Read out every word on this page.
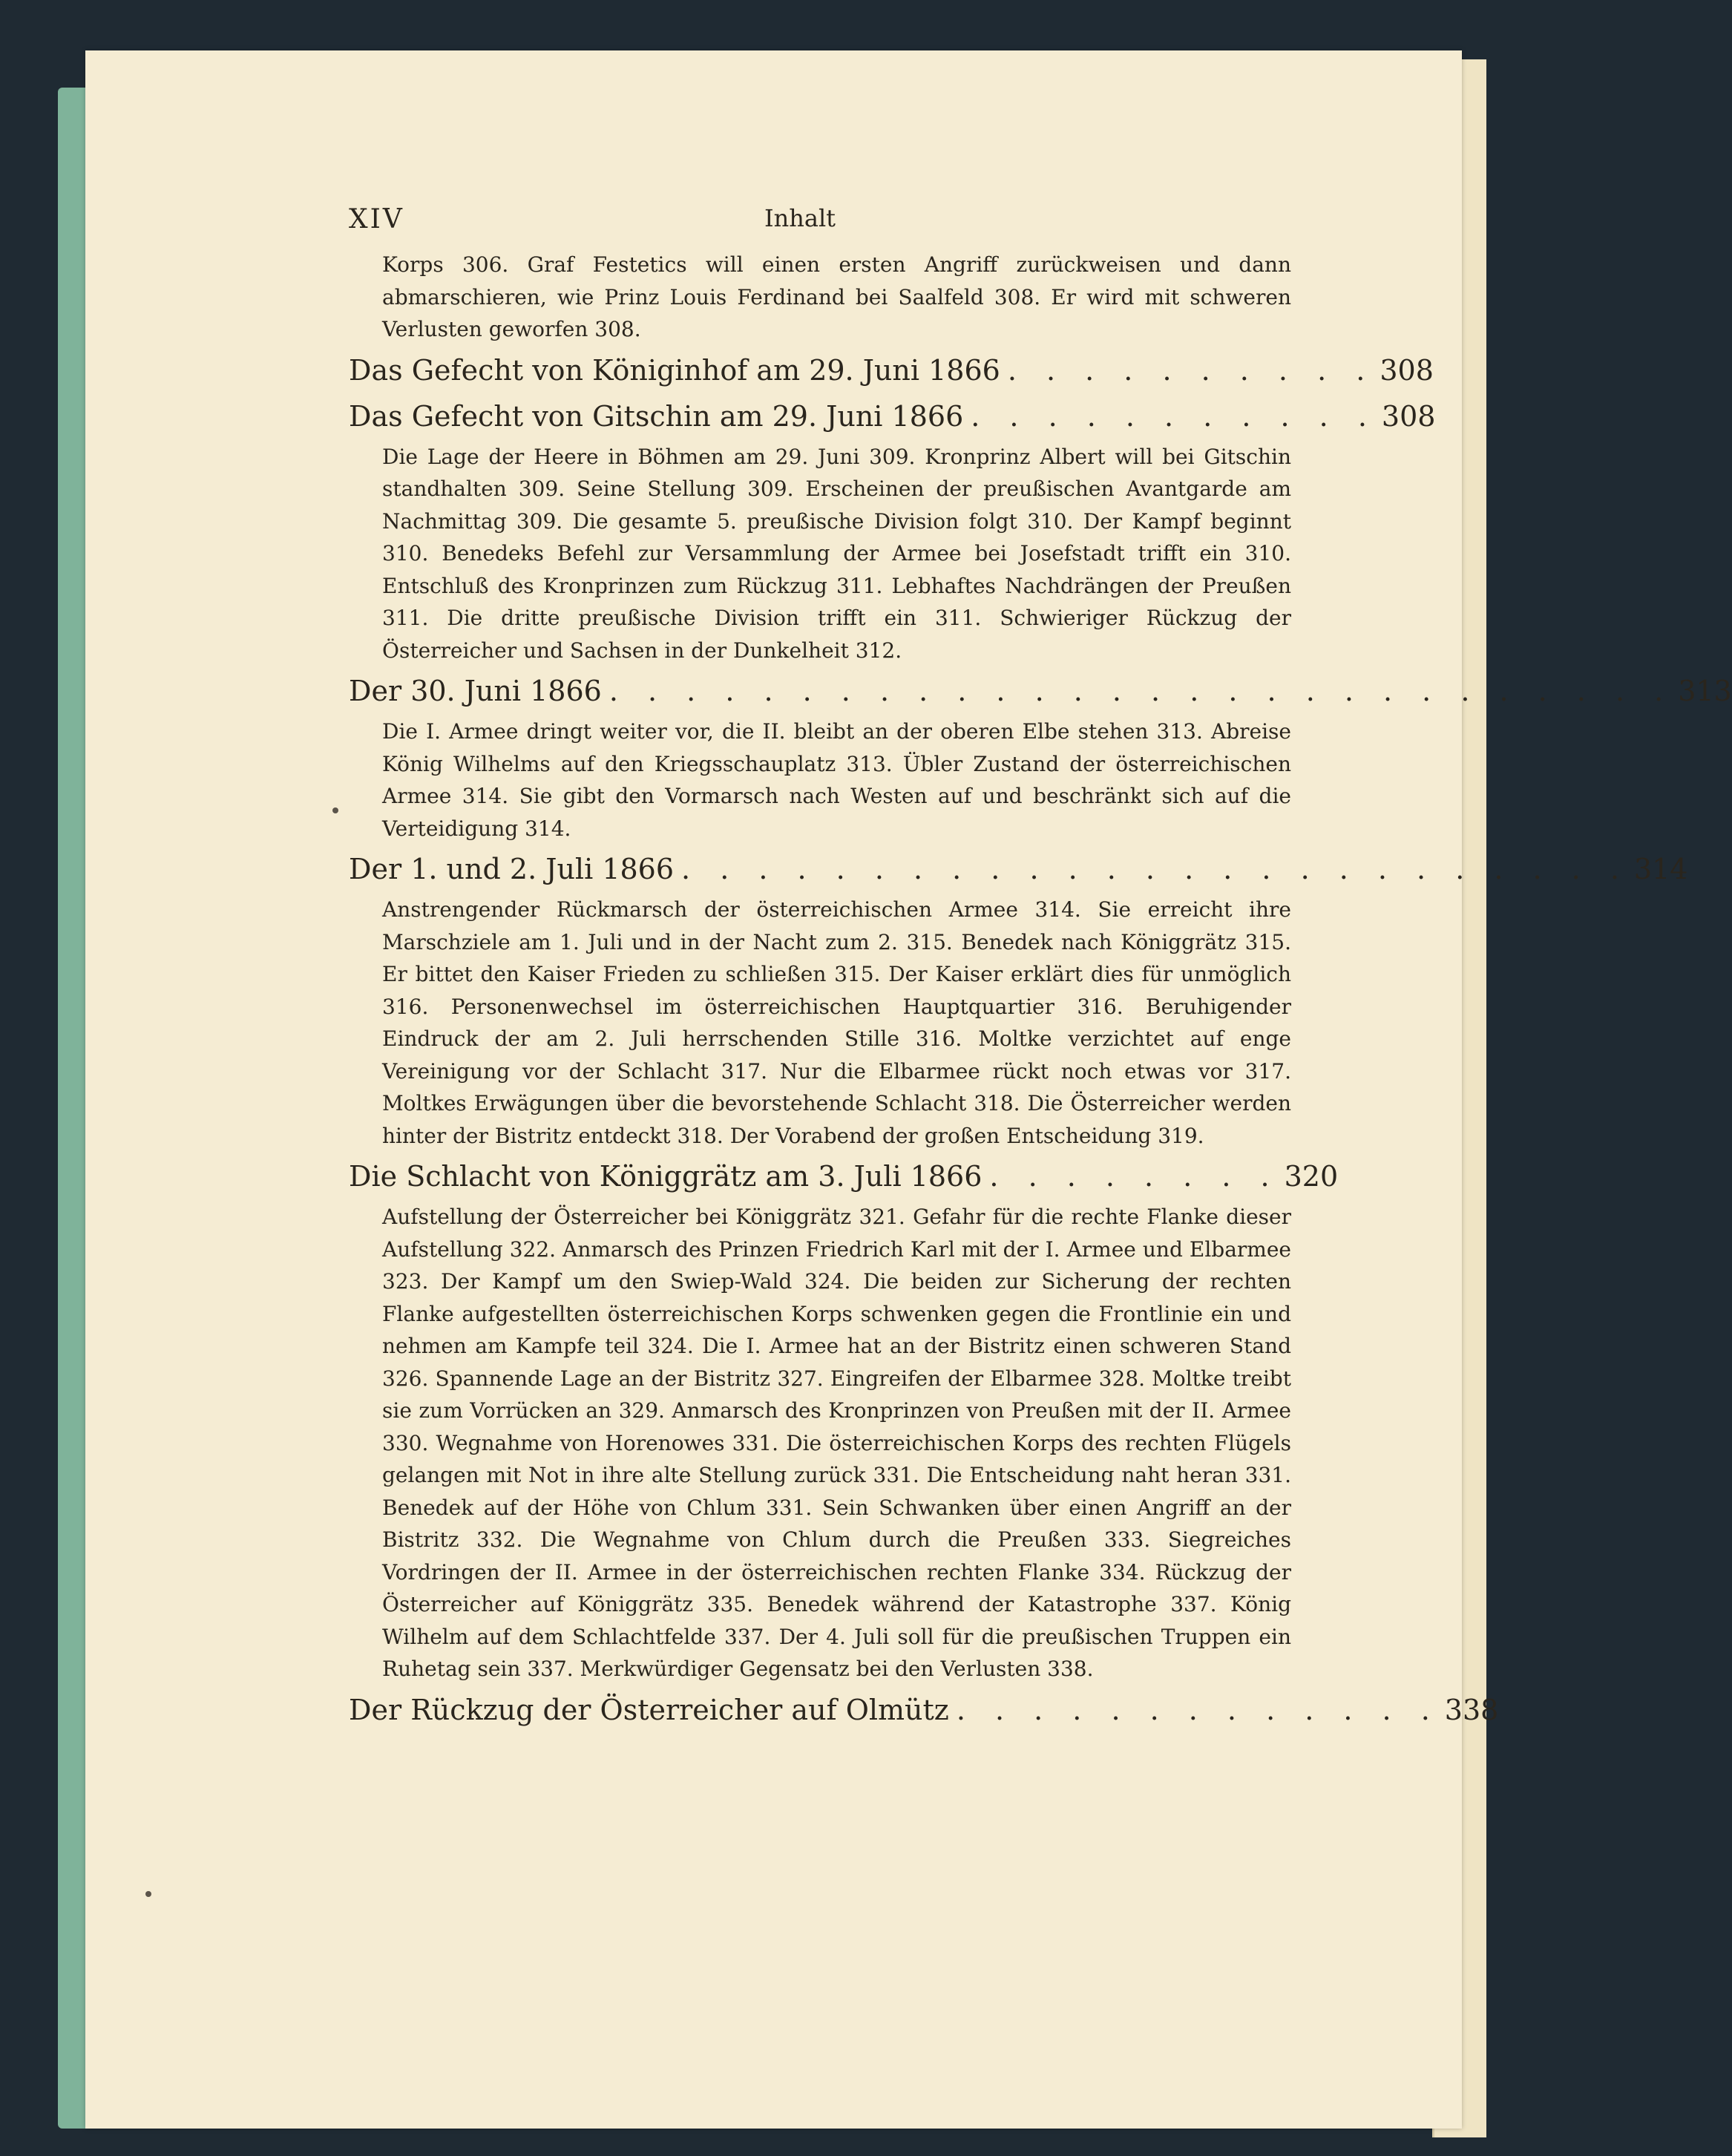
XIV	Inhalt

Korps 306. Graf Festetics will einen ersten Angriff zurückweisen und dann abmarschieren, wie Prinz Louis Ferdinand bei Saalfeld 308. Er wird mit schweren Verlusten geworfen 308.

Das Gefecht von Königinhof am 29. Juni 1866 . . . . . . . . . . 308
Das Gefecht von Gitschin am 29. Juni 1866 . . . . . . . . . . . 308

Die Lage der Heere in Böhmen am 29. Juni 309. Kronprinz Albert will bei Gitschin standhalten 309. Seine Stellung 309. Erscheinen der preußischen Avantgarde am Nachmittag 309. Die gesamte 5. preußische Division folgt 310. Der Kampf beginnt 310. Benedeks Befehl zur Versammlung der Armee bei Josefstadt trifft ein 310. Entschluß des Kronprinzen zum Rückzug 311. Lebhaftes Nachdrängen der Preußen 311. Die dritte preußische Division trifft ein 311. Schwieriger Rückzug der Österreicher und Sachsen in der Dunkelheit 312.

Der 30. Juni 1866 . . . . . . . . . . . . . . . . . . . . . . . . . . . . 313

Die I. Armee dringt weiter vor, die II. bleibt an der oberen Elbe stehen 313. Abreise König Wilhelms auf den Kriegsschauplatz 313. Übler Zustand der österreichischen Armee 314. Sie gibt den Vormarsch nach Westen auf und beschränkt sich auf die Verteidigung 314.

Der 1. und 2. Juli 1866 . . . . . . . . . . . . . . . . . . . . . . . . . 314

Anstrengender Rückmarsch der österreichischen Armee 314. Sie erreicht ihre Marschziele am 1. Juli und in der Nacht zum 2. 315. Benedek nach Königgrätz 315. Er bittet den Kaiser Frieden zu schließen 315. Der Kaiser erklärt dies für unmöglich 316. Personenwechsel im österreichischen Hauptquartier 316. Beruhigender Eindruck der am 2. Juli herrschenden Stille 316. Moltke verzichtet auf enge Vereinigung vor der Schlacht 317. Nur die Elbarmee rückt noch etwas vor 317. Moltkes Erwägungen über die bevorstehende Schlacht 318. Die Österreicher werden hinter der Bistritz entdeckt 318. Der Vorabend der großen Entscheidung 319.

Die Schlacht von Königgrätz am 3. Juli 1866 . . . . . . . . 320

Aufstellung der Österreicher bei Königgrätz 321. Gefahr für die rechte Flanke dieser Aufstellung 322. Anmarsch des Prinzen Friedrich Karl mit der I. Armee und Elbarmee 323. Der Kampf um den Swiep-Wald 324. Die beiden zur Sicherung der rechten Flanke aufgestellten österreichischen Korps schwenken gegen die Frontlinie ein und nehmen am Kampfe teil 324. Die I. Armee hat an der Bistritz einen schweren Stand 326. Spannende Lage an der Bistritz 327. Eingreifen der Elbarmee 328. Moltke treibt sie zum Vorrücken an 329. Anmarsch des Kronprinzen von Preußen mit der II. Armee 330. Wegnahme von Horenowes 331. Die österreichischen Korps des rechten Flügels gelangen mit Not in ihre alte Stellung zurück 331. Die Entscheidung naht heran 331. Benedek auf der Höhe von Chlum 331. Sein Schwanken über einen Angriff an der Bistritz 332. Die Wegnahme von Chlum durch die Preußen 333. Siegreiches Vordringen der II. Armee in der österreichischen rechten Flanke 334. Rückzug der Österreicher auf Königgrätz 335. Benedek während der Katastrophe 337. König Wilhelm auf dem Schlachtfelde 337. Der 4. Juli soll für die preußischen Truppen ein Ruhetag sein 337. Merkwürdiger Gegensatz bei den Verlusten 338.

Der Rückzug der Österreicher auf Olmütz . . . . . . . . . . . . . 338
